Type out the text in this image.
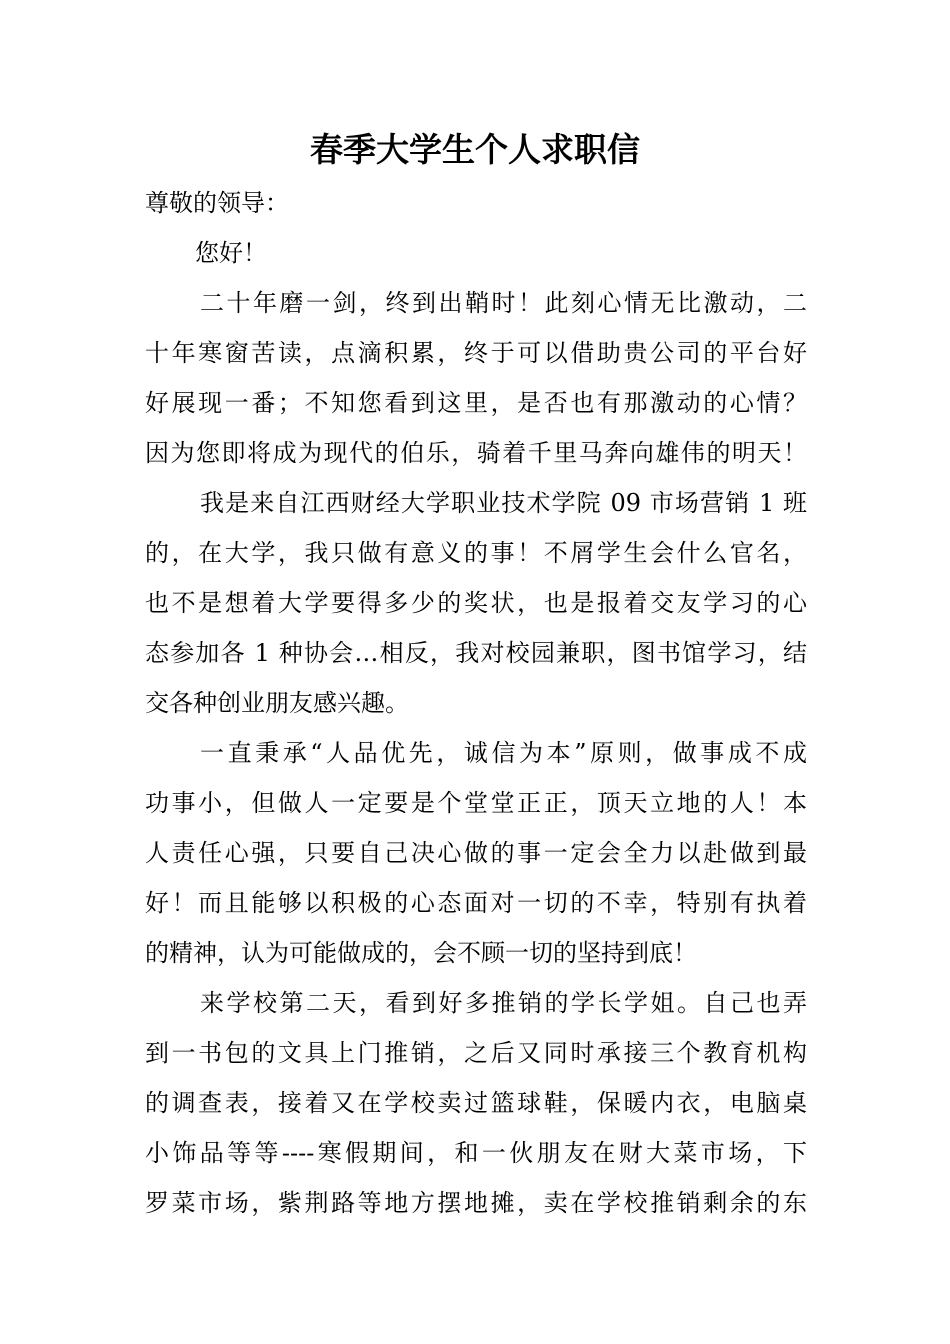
春季大学生个人求职信

尊敬的领导：

您好！

二十年磨一剑，终到出鞘时！此刻心情无比激动，二

十年寒窗苦读，点滴积累，终于可以借助贵公司的平台好

好展现一番；不知您看到这里，是否也有那激动的心情？

因为您即将成为现代的伯乐，骑着千里马奔向雄伟的明天！

我是来自江西财经大学职业技术学院 09 市场营销 1 班

的，在大学，我只做有意义的事！不屑学生会什么官名，

也不是想着大学要得多少的奖状，也是报着交友学习的心

态参加各 1 种协会…相反，我对校园兼职，图书馆学习，结

交各种创业朋友感兴趣。

一直秉承“人品优先，诚信为本”原则，做事成不成

功事小，但做人一定要是个堂堂正正，顶天立地的人！本

人责任心强，只要自己决心做的事一定会全力以赴做到最

好！而且能够以积极的心态面对一切的不幸，特别有执着

的精神，认为可能做成的，会不顾一切的坚持到底！

来学校第二天，看到好多推销的学长学姐。自己也弄

到一书包的文具上门推销，之后又同时承接三个教育机构

的调查表，接着又在学校卖过篮球鞋，保暖内衣，电脑桌

小饰品等等----寒假期间，和一伙朋友在财大菜市场，下

罗菜市场，紫荆路等地方摆地摊，卖在学校推销剩余的东
